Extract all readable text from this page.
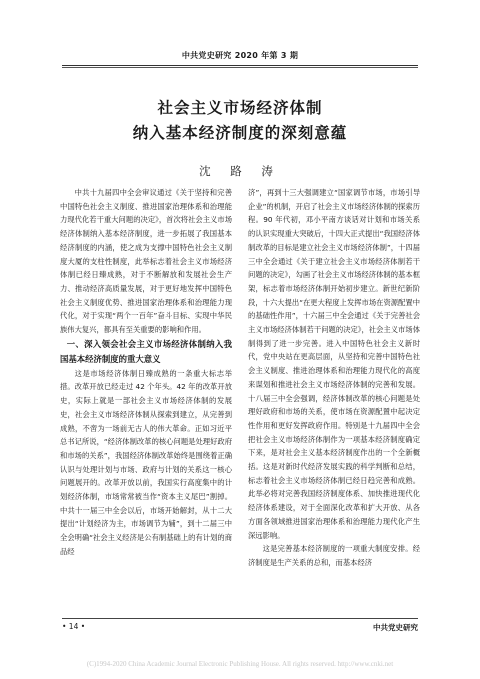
中共党史研究 2020 年第 3 期
社会主义市场经济体制
纳入基本经济制度的深刻意蕴
沈 路 涛

中共十九届四中全会审议通过《关于坚持和完善中国特色社会主义制度、推进国家治理体系和治理能力现代化若干重大问题的决定》，首次将社会主义市场经济体制纳入基本经济制度，进一步拓展了我国基本经济制度的内涵，使之成为支撑中国特色社会主义制度大厦的支柱性制度，此举标志着社会主义市场经济体制已经日臻成熟，对于不断解放和发展社会生产力、推动经济高质量发展，对于更好地发挥中国特色社会主义制度优势、推进国家治理体系和治理能力现代化，对于实现“两个一百年”奋斗目标、实现中华民族伟大复兴，都具有至关重要的影响和作用。

一、深入领会社会主义市场经济体制纳入我国基本经济制度的重大意义

这是市场经济体制日臻成熟的一条重大标志举措。改革开放已经走过 42 个年头。42 年的改革开放史，实际上就是一部社会主义市场经济体制的发展史，社会主义市场经济体制从探索到建立，从完善到成熟，不啻为一场前无古人的伟大革命。正如习近平总书记所说，“经济体制改革的核心问题是处理好政府和市场的关系”，我国经济体制改革始终是围绕着正确认识与处理计划与市场、政府与计划的关系这一核心问题展开的。改革开放以前，我国实行高度集中的计划经济体制，市场常常被当作“资本主义尾巴”割掉。中共十一届三中全会以后，市场开始解封，从十二大提出“计划经济为主，市场调节为辅”，到十二届三中全会明确“社会主义经济是公有制基础上的有计划的商品经

济”，再到十三大强调建立“国家调节市场，市场引导企业”的机制，开启了社会主义市场经济体制的探索历程。90 年代初，邓小平南方谈话对计划和市场关系的认识实现重大突破后，十四大正式提出“我国经济体制改革的目标是建立社会主义市场经济体制”，十四届三中全会通过《关于建立社会主义市场经济体制若干问题的决定》，勾画了社会主义市场经济体制的基本框架，标志着市场经济体制开始初步建立。新世纪新阶段，十六大提出“在更大程度上发挥市场在资源配置中的基础性作用”，十六届三中全会通过《关于完善社会主义市场经济体制若干问题的决定》，社会主义市场体制得到了进一步完善。进入中国特色社会主义新时代，党中央站在更高层面，从坚持和完善中国特色社会主义制度、推进治理体系和治理能力现代化的高度来谋划和推进社会主义市场经济体制的完善和发展。十八届三中全会强调，经济体制改革的核心问题是处理好政府和市场的关系，使市场在资源配置中起决定性作用和更好发挥政府作用。特别是十九届四中全会把社会主义市场经济体制作为一项基本经济制度确定下来，是对社会主义基本经济制度作出的一个全新概括。这是对新时代经济发展实践的科学判断和总结，标志着社会主义市场经济体制已经日趋完善和成熟。此举必将对完善我国经济制度体系、加快推进现代化经济体系建设，对于全面深化改革和扩大开放、从各方面各领域推进国家治理体系和治理能力现代化产生深远影响。

这是完善基本经济制度的一项重大制度安排。经济制度是生产关系的总和，而基本经济

• 14 •	中共党史研究
(C)1994-2020 China Academic Journal Electronic Publishing House. All rights reserved. http://www.cnki.net
